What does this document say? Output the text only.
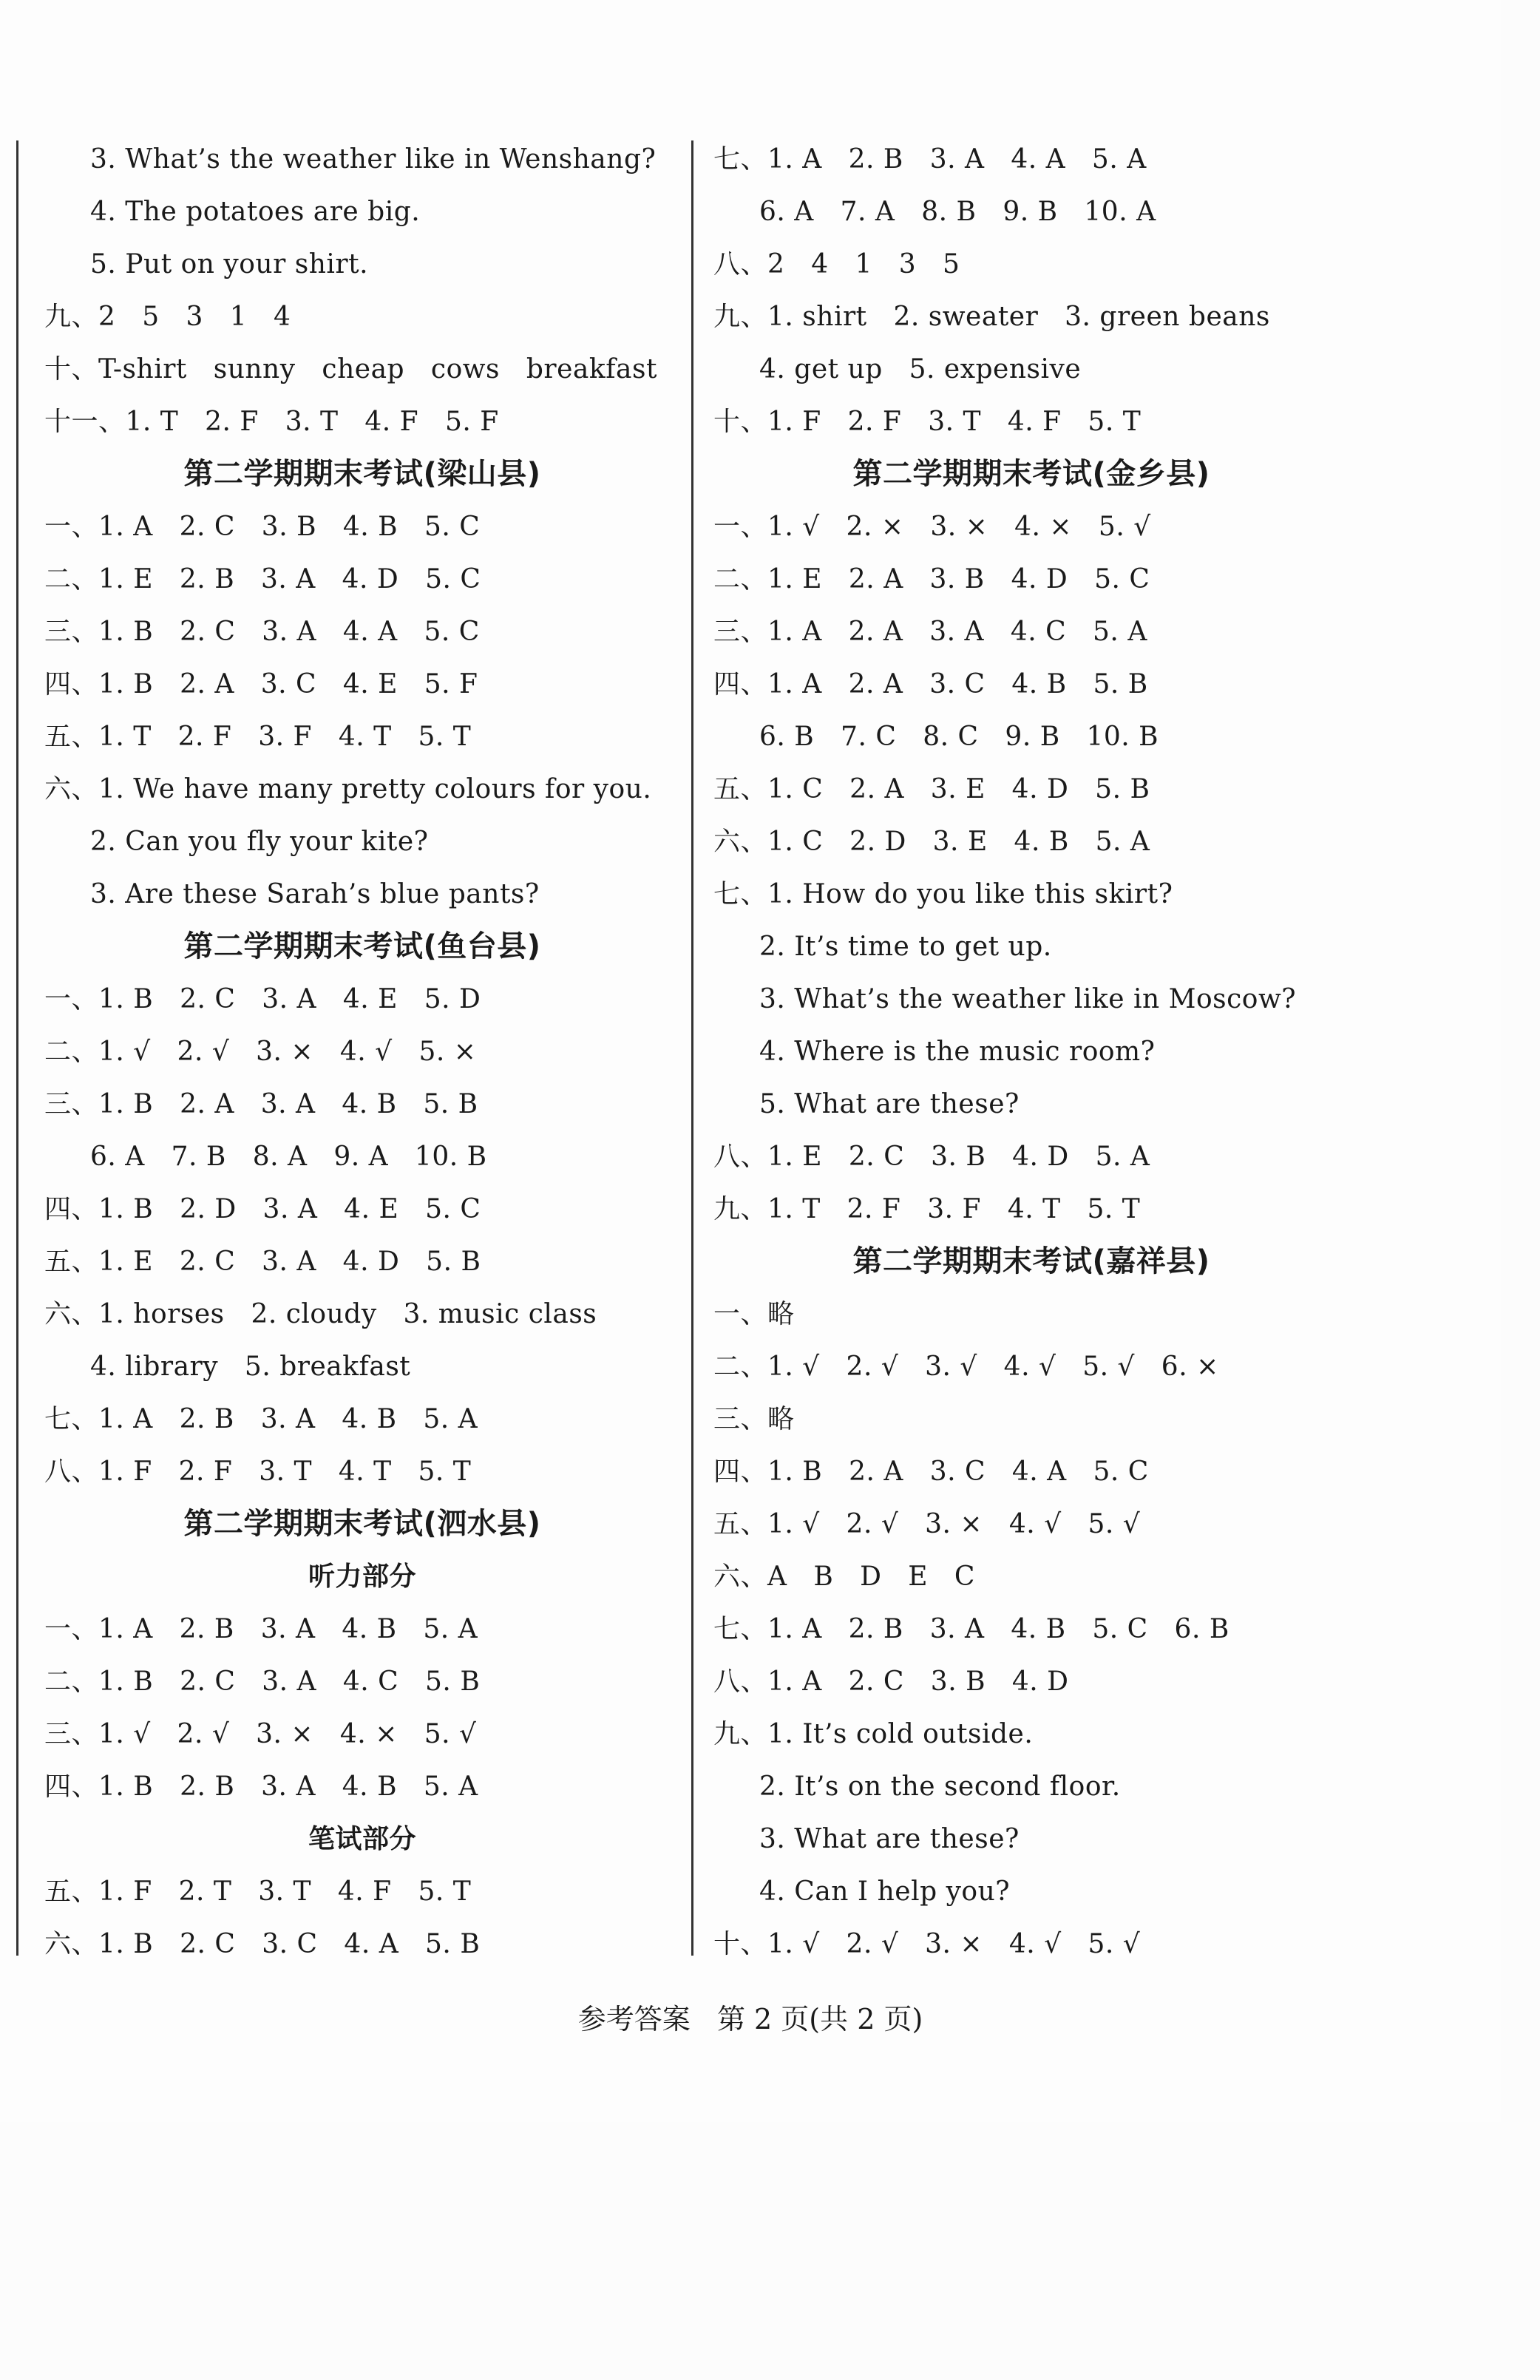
3. What’s the weather like in Wenshang?
4. The potatoes are big.
5. Put on your shirt.
九、2   5   3   1   4
十、T-shirt   sunny   cheap   cows   breakfast
十一、1. T   2. F   3. T   4. F   5. F
第二学期期末考试(梁山县)
一、1. A   2. C   3. B   4. B   5. C
二、1. E   2. B   3. A   4. D   5. C
三、1. B   2. C   3. A   4. A   5. C
四、1. B   2. A   3. C   4. E   5. F
五、1. T   2. F   3. F   4. T   5. T
六、1. We have many pretty colours for you.
2. Can you fly your kite?
3. Are these Sarah’s blue pants?
第二学期期末考试(鱼台县)
一、1. B   2. C   3. A   4. E   5. D
二、1. √   2. √   3. ×   4. √   5. ×
三、1. B   2. A   3. A   4. B   5. B
6. A   7. B   8. A   9. A   10. B
四、1. B   2. D   3. A   4. E   5. C
五、1. E   2. C   3. A   4. D   5. B
六、1. horses   2. cloudy   3. music class
4. library   5. breakfast
七、1. A   2. B   3. A   4. B   5. A
八、1. F   2. F   3. T   4. T   5. T
第二学期期末考试(泗水县)
听力部分
一、1. A   2. B   3. A   4. B   5. A
二、1. B   2. C   3. A   4. C   5. B
三、1. √   2. √   3. ×   4. ×   5. √
四、1. B   2. B   3. A   4. B   5. A
笔试部分
五、1. F   2. T   3. T   4. F   5. T
六、1. B   2. C   3. C   4. A   5. B
七、1. A   2. B   3. A   4. A   5. A
6. A   7. A   8. B   9. B   10. A
八、2   4   1   3   5
九、1. shirt   2. sweater   3. green beans
4. get up   5. expensive
十、1. F   2. F   3. T   4. F   5. T
第二学期期末考试(金乡县)
一、1. √   2. ×   3. ×   4. ×   5. √
二、1. E   2. A   3. B   4. D   5. C
三、1. A   2. A   3. A   4. C   5. A
四、1. A   2. A   3. C   4. B   5. B
6. B   7. C   8. C   9. B   10. B
五、1. C   2. A   3. E   4. D   5. B
六、1. C   2. D   3. E   4. B   5. A
七、1. How do you like this skirt?
2. It’s time to get up.
3. What’s the weather like in Moscow?
4. Where is the music room?
5. What are these?
八、1. E   2. C   3. B   4. D   5. A
九、1. T   2. F   3. F   4. T   5. T
第二学期期末考试(嘉祥县)
一、略
二、1. √   2. √   3. √   4. √   5. √   6. ×
三、略
四、1. B   2. A   3. C   4. A   5. C
五、1. √   2. √   3. ×   4. √   5. √
六、A   B   D   E   C
七、1. A   2. B   3. A   4. B   5. C   6. B
八、1. A   2. C   3. B   4. D
九、1. It’s cold outside.
2. It’s on the second floor.
3. What are these?
4. Can I help you?
十、1. √   2. √   3. ×   4. √   5. √
参考答案   第 2 页(共 2 页)
